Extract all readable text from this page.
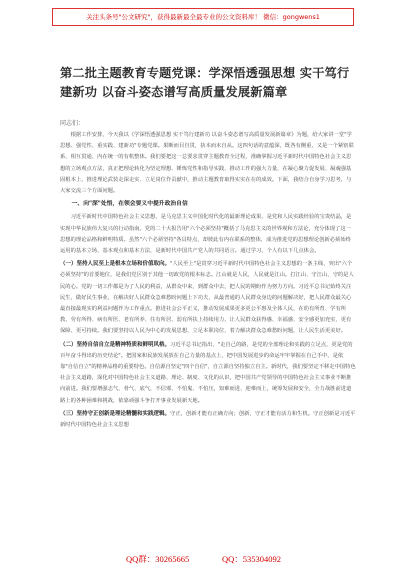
关注头条号"公文研究"，获得最新最全最专业的公文资料库！ 微信：gongwens1
第二批主题教育专题党课：学深悟透强思想 实干笃行建新功 以奋斗姿态谱写高质量发展新篇章
同志们：

根据工作安排，今天我以《学深悟透强思想 实干笃行建新功 以奋斗姿态谱写高质量发展新篇章》为题，给大家讲一堂"学思想、强党性、重实践、建新功"专题党课。果断而目自贯，执本而末自从。这四句话的意蕴深，既各有侧重，又是一个紧密联系、相互贯通、内在统一的有机整体。我们要把这一总要求贯穿主题教育全过程，准确掌握习近平新时代中国特色社会主义思想的立场观点方法，真正把理论转化为坚定理想、锤炼党性和指导实践、推动工作的强大力量，在凝心聚力促发展、凝魂强基固根本上，推进理论武装走深走实、立足岗位作贡献中，推动主题教育取得实实在在的成效。下面，我结合自身学习思考，与大家交流三个方面问题。

一、向"深"处悟，在领会要义中提升政治自信

习近平新时代中国特色社会主义思想，是马克思主义中国化时代化的最新理论成果，是党和人民实践经验的宝贵结晶，是实现中华民族伟大复兴的行动指南。党的二十大报告用"六个必须坚持"概括了马克思主义的世界观和方法论，充分体现了这一思想的理论品格和鲜明特质。虽然"六个必须坚持"各具特点，却彼此有内在联系的整体，成为推进党的思想理论创新必须始终运用的基本立场、基本观点和基本方法，是新时代中国共产党人的共同语言。通过学习，个人有以下几点体会。

（一）坚持人民至上是根本立场和价值取向。"人民至上"是贯穿习近平新时代中国特色社会主义思想的一条主线，突出"六个必须坚持"的首要地位，是我们党区别于其他一切政党的根本标志。江山就是人民，人民就是江山。打江山、守江山，守的是人民的心。党的一切工作都是为了人民的利益，从群众中来，到群众中去，把人民的期盼作为努力方向。习近平总书记始终关注民生，做好民生事业，在解决好人民群众急难愁盼问题上下功夫，从最普通的人民群众身边的问题解决好，把人民群众最关心最直接最现实的利益问题作为工作重点。推进社会公平正义，推动发展成果更多更公平惠及全体人民，在幼有所育、学有所教、劳有所得、病有所医、老有所养、住有所居、弱有所扶上持续用力，让人民群众获得感、幸福感、安全感更加充实、更有保障、更可持续。我们要坚持以人民为中心的发展思想，立足本职岗位，着力解决群众急难愁盼问题，让人民生活更美好。

（二）坚持自信自立是精神特质和鲜明风格。习近平总书记指出，"走自己的路，是党的全部理论和实践的立足点，更是党的百年奋斗得出的历史结论"。把国家和民族发展放在自己力量的基点上，把中国发展进步的命运牢牢掌握在自己手中，是依靠"自信自立"的精神品格的重要特色。自信源自坚定"四个自信"，自立源自坚持独立自主。新时代，我们要坚定不移走中国特色社会主义道路，深化对中国特色社会主义道路、理论、制度、文化的认识，把中国共产党领导的中国特色社会主义事业不断推向前进。我们要增强志气、骨气、底气，不信邪、不怕鬼、不怕压，知难而进、迎难而上，统筹发展和安全，全力战胜前进道路上的各种困难和挑战，依靠顽强斗争打开事业发展新天地。

（三）坚持守正创新是理论精髓和实践逻辑。守正，创新才能有正确方向；创新，守正才能有活力和生机。守正创新是习近平新时代中国特色社会主义思想

QQ群：30265665	QQ：535304092
